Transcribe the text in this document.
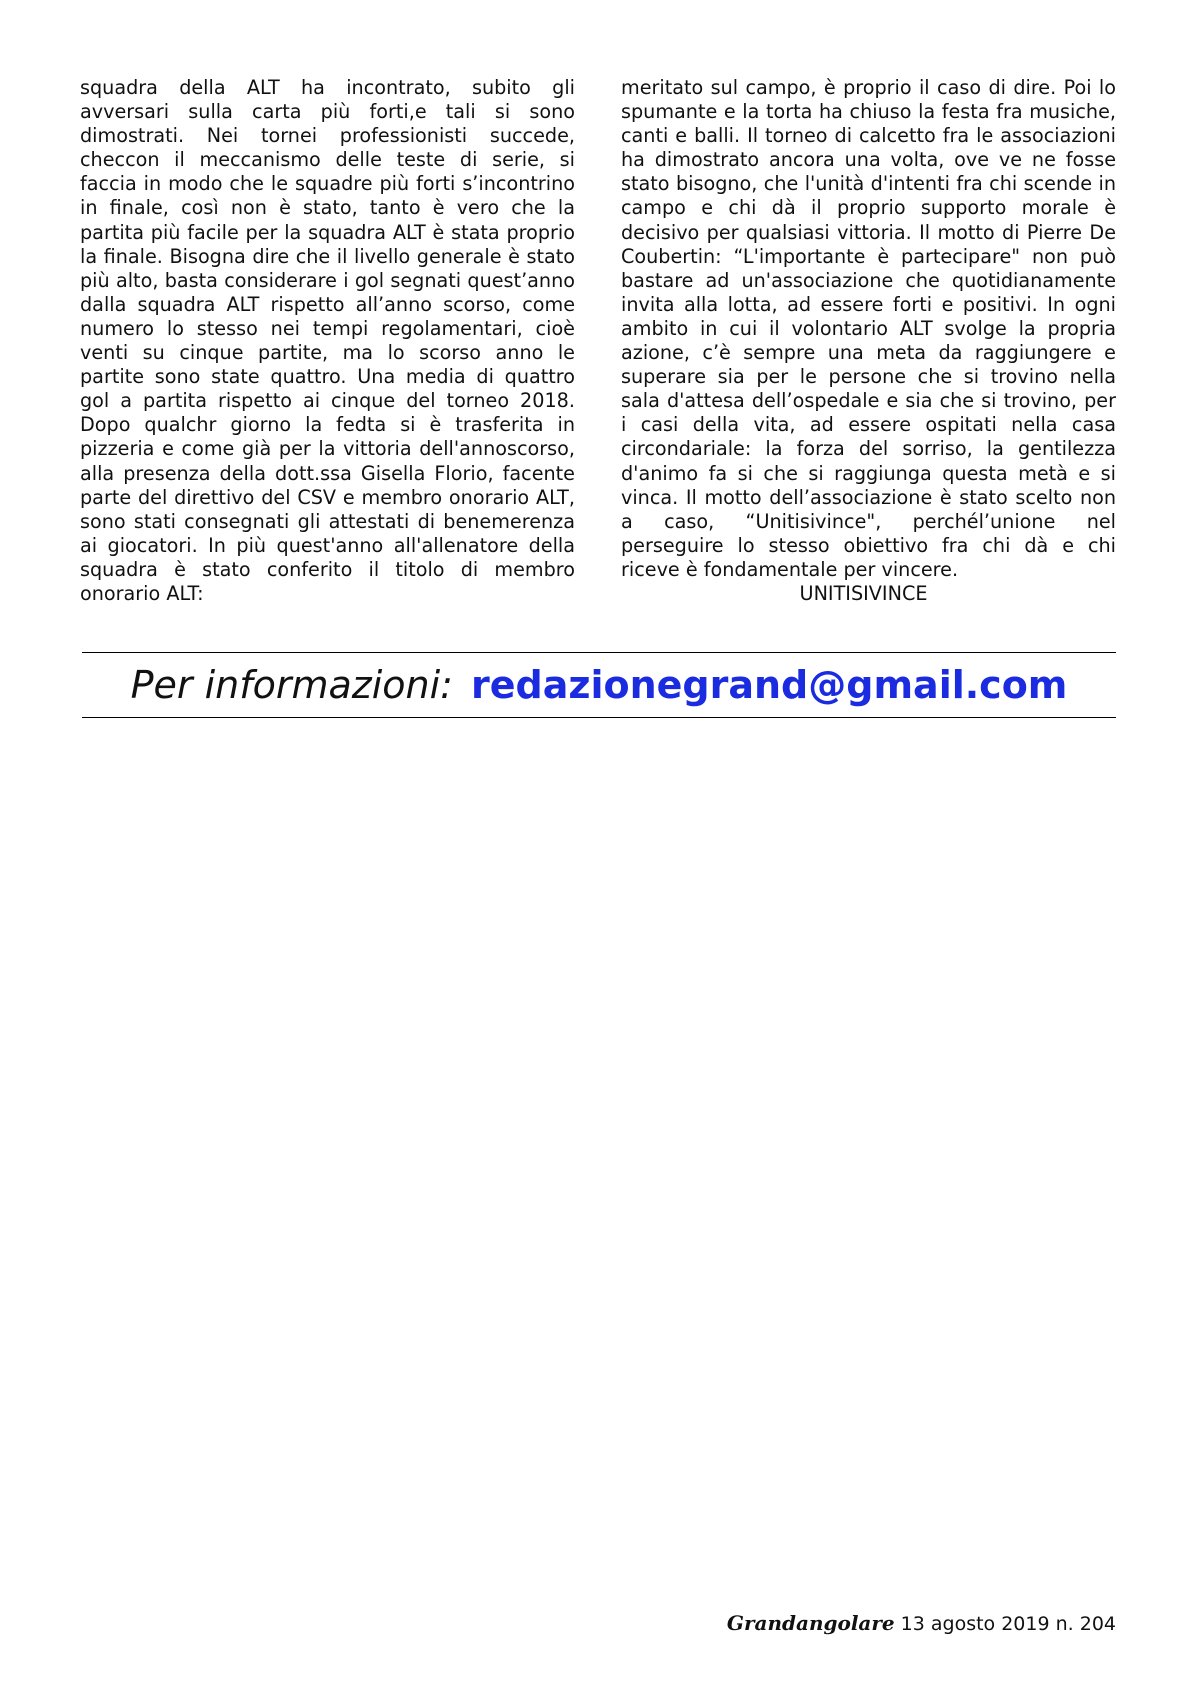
squadra della ALT ha incontrato, subito gli avversari sulla carta più forti,e tali si sono dimostrati. Nei tornei professionisti succede, checcon il meccanismo delle teste di serie, si faccia in modo che le squadre più forti s’incontrino in finale, così non è stato, tanto è vero che la partita più facile per la squadra ALT è stata proprio la finale. Bisogna dire che il livello generale è stato più alto, basta considerare i gol segnati quest’anno dalla squadra ALT rispetto all’anno scorso, come numero lo stesso nei tempi regolamentari, cioè venti su cinque partite, ma lo scorso anno le partite sono state quattro. Una media di quattro gol a partita rispetto ai cinque del torneo 2018. Dopo qualchr giorno la fedta si è trasferita in pizzeria e come già per la vittoria dell'annoscorso, alla presenza della dott.ssa Gisella Florio, facente parte del direttivo del CSV e membro onorario ALT, sono stati consegnati gli attestati di benemerenza ai giocatori. In più quest'anno all'allenatore della squadra è stato conferito il titolo di membro onorario ALT:

meritato sul campo, è proprio il caso di dire. Poi lo spumante e la torta ha chiuso la festa fra musiche, canti e balli. Il torneo di calcetto fra le associazioni ha dimostrato ancora una volta, ove ve ne fosse stato bisogno, che l'unità d'intenti fra chi scende in campo e chi dà il proprio supporto morale è decisivo per qualsiasi vittoria. Il motto di Pierre De Coubertin: “L'importante è partecipare" non può bastare ad un'associazione che quotidianamente invita alla lotta, ad essere forti e positivi. In ogni ambito in cui il volontario ALT svolge la propria azione, c’è sempre una meta da raggiungere e superare sia per le persone che si trovino nella sala d'attesa dell’ospedale e sia che si trovino, per i casi della vita, ad essere ospitati nella casa circondariale: la forza del sorriso, la gentilezza d'animo fa si che si raggiunga questa metà e si vinca. Il motto dell’associazione è stato scelto non a caso, “Unitisivince", perchél’unione nel perseguire lo stesso obiettivo fra chi dà e chi riceve è fondamentale per vincere.

UNITISIVINCE
Per informazioni: redazionegrand@gmail.com
Grandangolare 13 agosto 2019 n. 204
